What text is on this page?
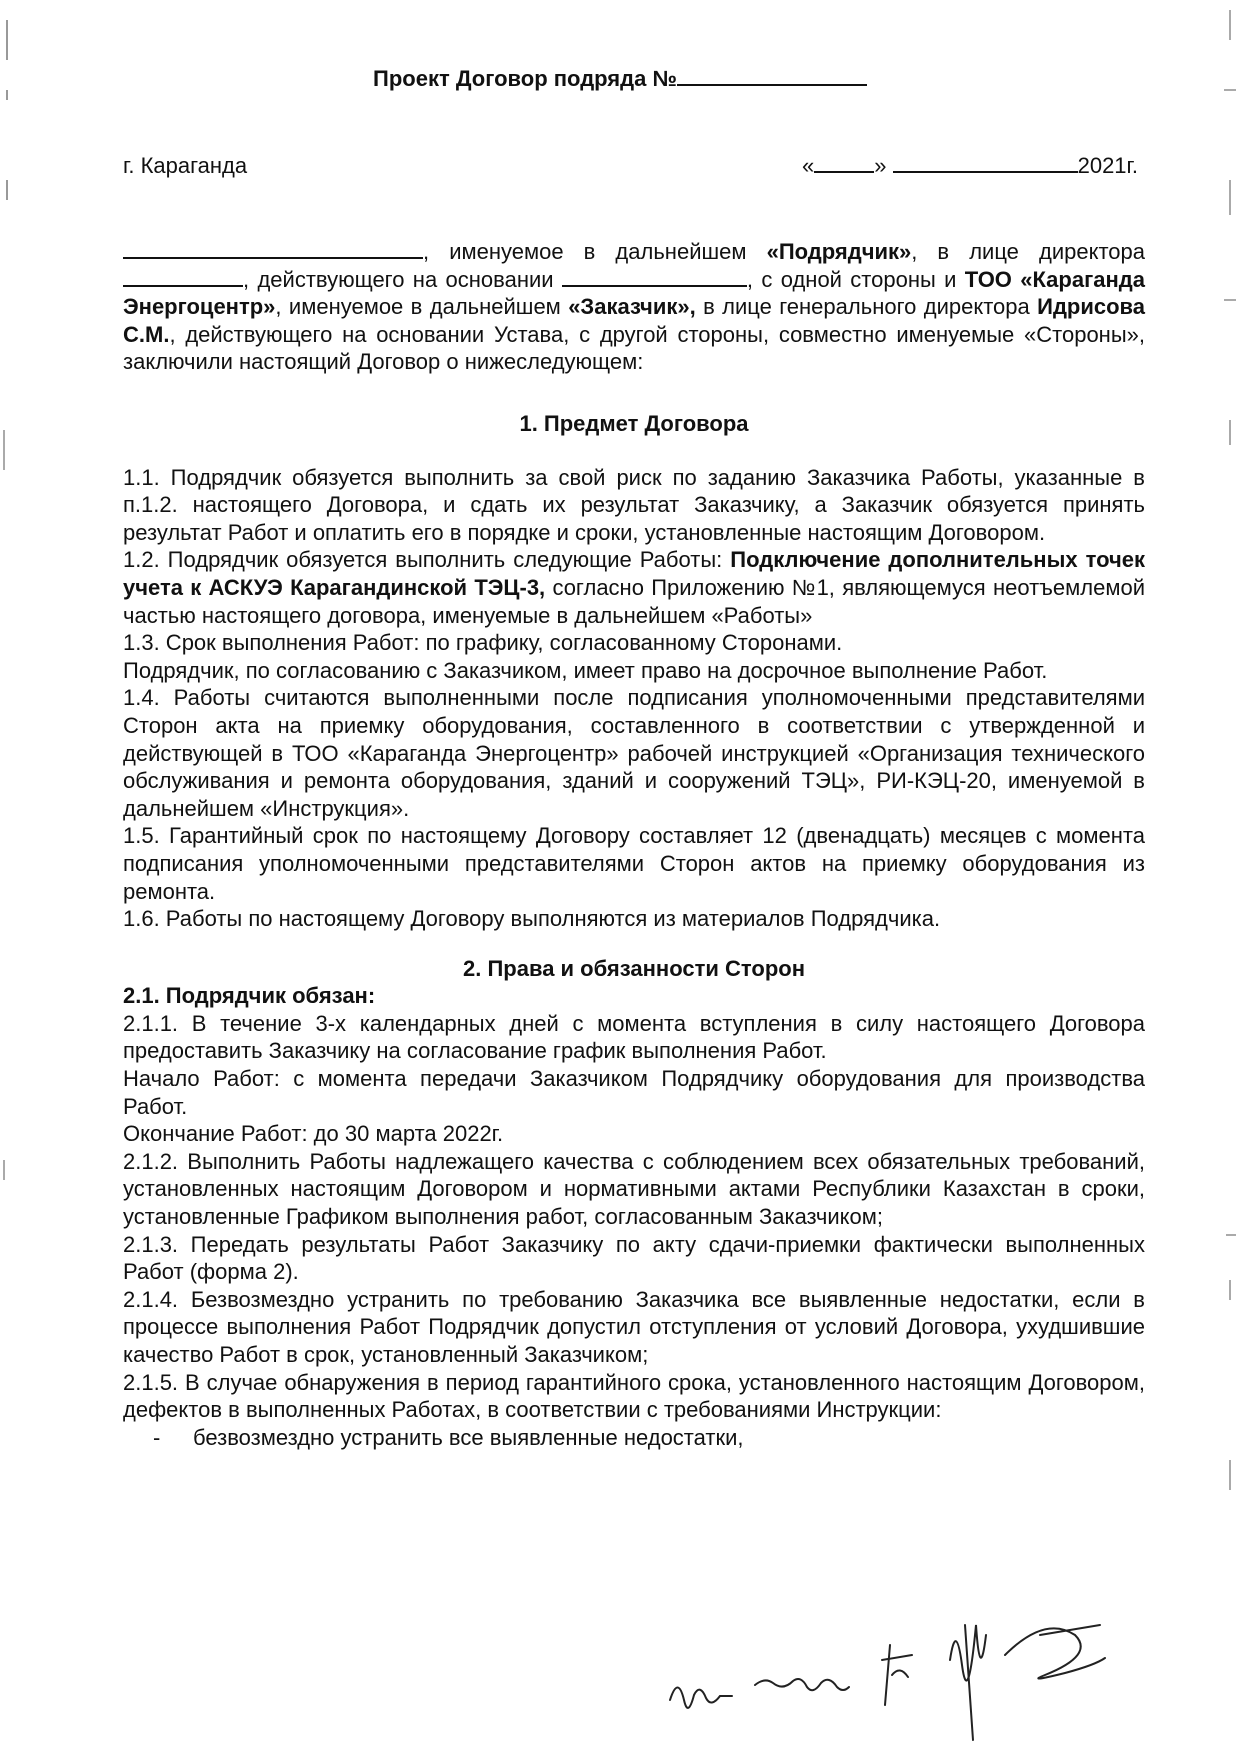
Проект Договор подряда №
г. Караганда	«	»	2021г.

, именуемое в дальнейшем «Подрядчик», в лице директора , действующего на основании	, с одной стороны и ТОО «Караганда Энергоцентр», именуемое в дальнейшем «Заказчик», в лице генерального директора Идрисова С.М., действующего на основании Устава, с другой стороны, совместно именуемые «Стороны», заключили настоящий Договор о нижеследующем:

1. Предмет Договора

1.1. Подрядчик обязуется выполнить за свой риск по заданию Заказчика Работы, указанные в п.1.2. настоящего Договора, и сдать их результат Заказчику, а Заказчик обязуется принять результат Работ и оплатить его в порядке и сроки, установленные настоящим Договором.

1.2. Подрядчик обязуется выполнить следующие Работы: Подключение дополнительных точек учета к АСКУЭ Карагандинской ТЭЦ-3, согласно Приложению №1, являющемуся неотъемлемой частью настоящего договора, именуемые в дальнейшем «Работы»

1.3. Срок выполнения Работ: по графику, согласованному Сторонами.

Подрядчик, по согласованию с Заказчиком, имеет право на досрочное выполнение Работ.

1.4. Работы считаются выполненными после подписания уполномоченными представителями Сторон акта на приемку оборудования, составленного в соответствии с утвержденной и действующей в ТОО «Караганда Энергоцентр» рабочей инструкцией «Организация технического обслуживания и ремонта оборудования, зданий и сооружений ТЭЦ», РИ-КЭЦ-20, именуемой в дальнейшем «Инструкция».

1.5. Гарантийный срок по настоящему Договору составляет 12 (двенадцать) месяцев с момента подписания уполномоченными представителями Сторон актов на приемку оборудования из ремонта.

1.6. Работы по настоящему Договору выполняются из материалов Подрядчика.

2. Права и обязанности Сторон

2.1. Подрядчик обязан:

2.1.1. В течение 3-х календарных дней с момента вступления в силу настоящего Договора предоставить Заказчику на согласование график выполнения Работ.

Начало Работ: с момента передачи Заказчиком Подрядчику оборудования для производства Работ.

Окончание Работ: до 30 марта 2022г.

2.1.2. Выполнить Работы надлежащего качества с соблюдением всех обязательных требований, установленных настоящим Договором и нормативными актами Республики Казахстан в сроки, установленные Графиком выполнения работ, согласованным Заказчиком;

2.1.3. Передать результаты Работ Заказчику по акту сдачи-приемки фактически выполненных Работ (форма 2).

2.1.4. Безвозмездно устранить по требованию Заказчика все выявленные недостатки, если в процессе выполнения Работ Подрядчик допустил отступления от условий Договора, ухудшившие качество Работ в срок, установленный Заказчиком;

2.1.5. В случае обнаружения в период гарантийного срока, установленного настоящим Договором, дефектов в выполненных Работах, в соответствии с требованиями Инструкции:

- безвозмездно устранить все выявленные недостатки,
